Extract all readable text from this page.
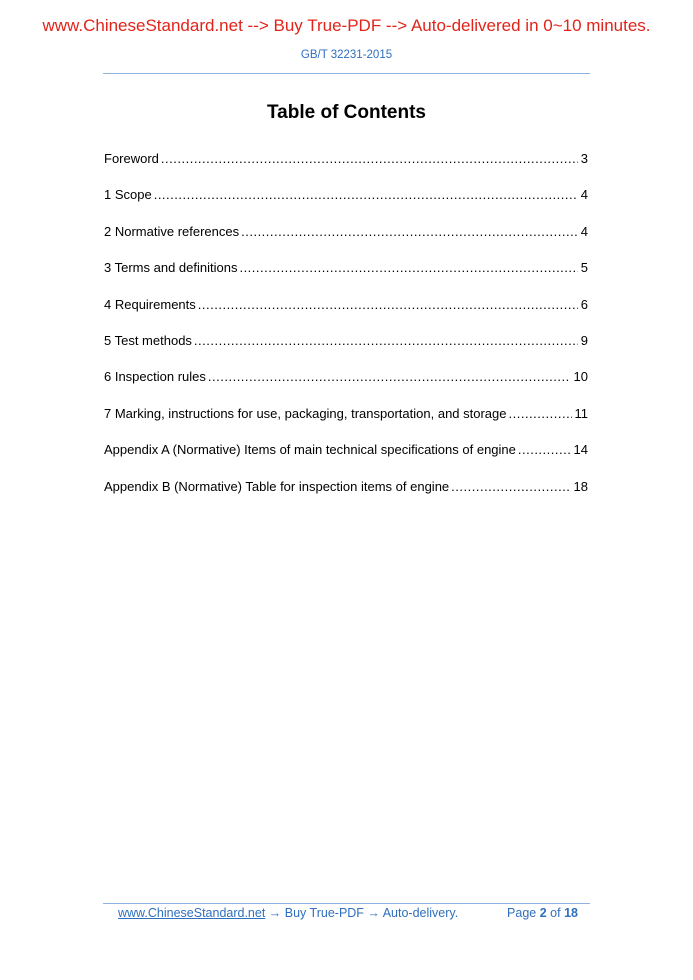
www.ChineseStandard.net --> Buy True-PDF --> Auto-delivered in 0~10 minutes.
GB/T 32231-2015
Table of Contents
Foreword .....	3
1 Scope .....	4
2 Normative references .....	4
3 Terms and definitions .....	5
4 Requirements .....	6
5 Test methods .....	9
6 Inspection rules .....	10
7 Marking, instructions for use, packaging, transportation, and storage .....	11
Appendix A (Normative) Items of main technical specifications of engine .....	14
Appendix B (Normative) Table for inspection items of engine .....	18
www.ChineseStandard.net → Buy True-PDF → Auto-delivery.	Page 2 of 18
